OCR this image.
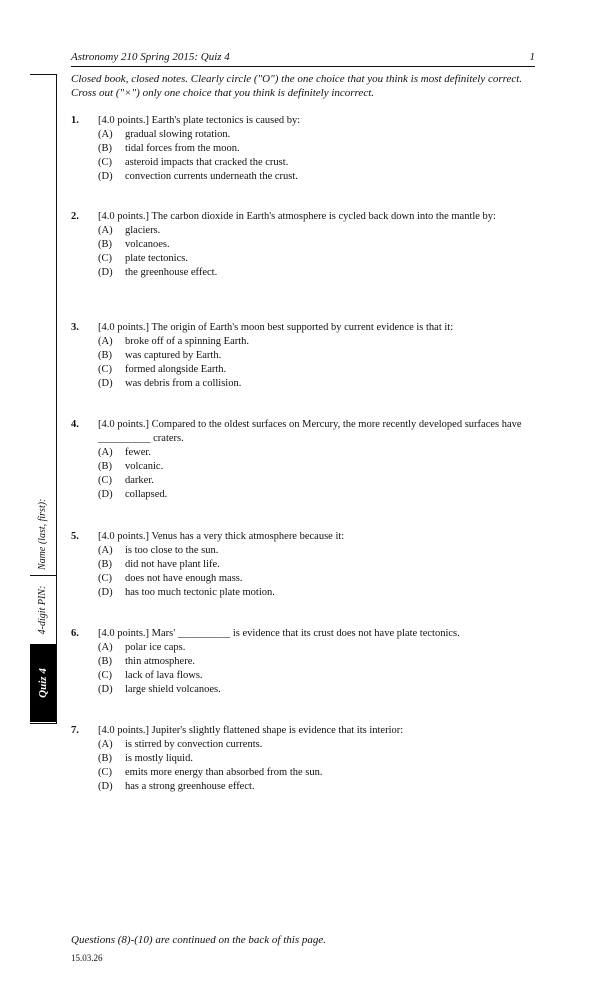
Astronomy 210 Spring 2015: Quiz 4	1
Closed book, closed notes. Clearly circle ("O") the one choice that you think is most definitely correct. Cross out ("×") only one choice that you think is definitely incorrect.
Quiz 4
4-digit PIN:
Name (last, first):
1. [4.0 points.] Earth's plate tectonics is caused by:
(A) gradual slowing rotation.
(B) tidal forces from the moon.
(C) asteroid impacts that cracked the crust.
(D) convection currents underneath the crust.
2. [4.0 points.] The carbon dioxide in Earth's atmosphere is cycled back down into the mantle by:
(A) glaciers.
(B) volcanoes.
(C) plate tectonics.
(D) the greenhouse effect.
3. [4.0 points.] The origin of Earth's moon best supported by current evidence is that it:
(A) broke off of a spinning Earth.
(B) was captured by Earth.
(C) formed alongside Earth.
(D) was debris from a collision.
4. [4.0 points.] Compared to the oldest surfaces on Mercury, the more recently developed surfaces have __________ craters.
(A) fewer.
(B) volcanic.
(C) darker.
(D) collapsed.
5. [4.0 points.] Venus has a very thick atmosphere because it:
(A) is too close to the sun.
(B) did not have plant life.
(C) does not have enough mass.
(D) has too much tectonic plate motion.
6. [4.0 points.] Mars' __________ is evidence that its crust does not have plate tectonics.
(A) polar ice caps.
(B) thin atmosphere.
(C) lack of lava flows.
(D) large shield volcanoes.
7. [4.0 points.] Jupiter's slightly flattened shape is evidence that its interior:
(A) is stirred by convection currents.
(B) is mostly liquid.
(C) emits more energy than absorbed from the sun.
(D) has a strong greenhouse effect.
Questions (8)-(10) are continued on the back of this page.
15.03.26
